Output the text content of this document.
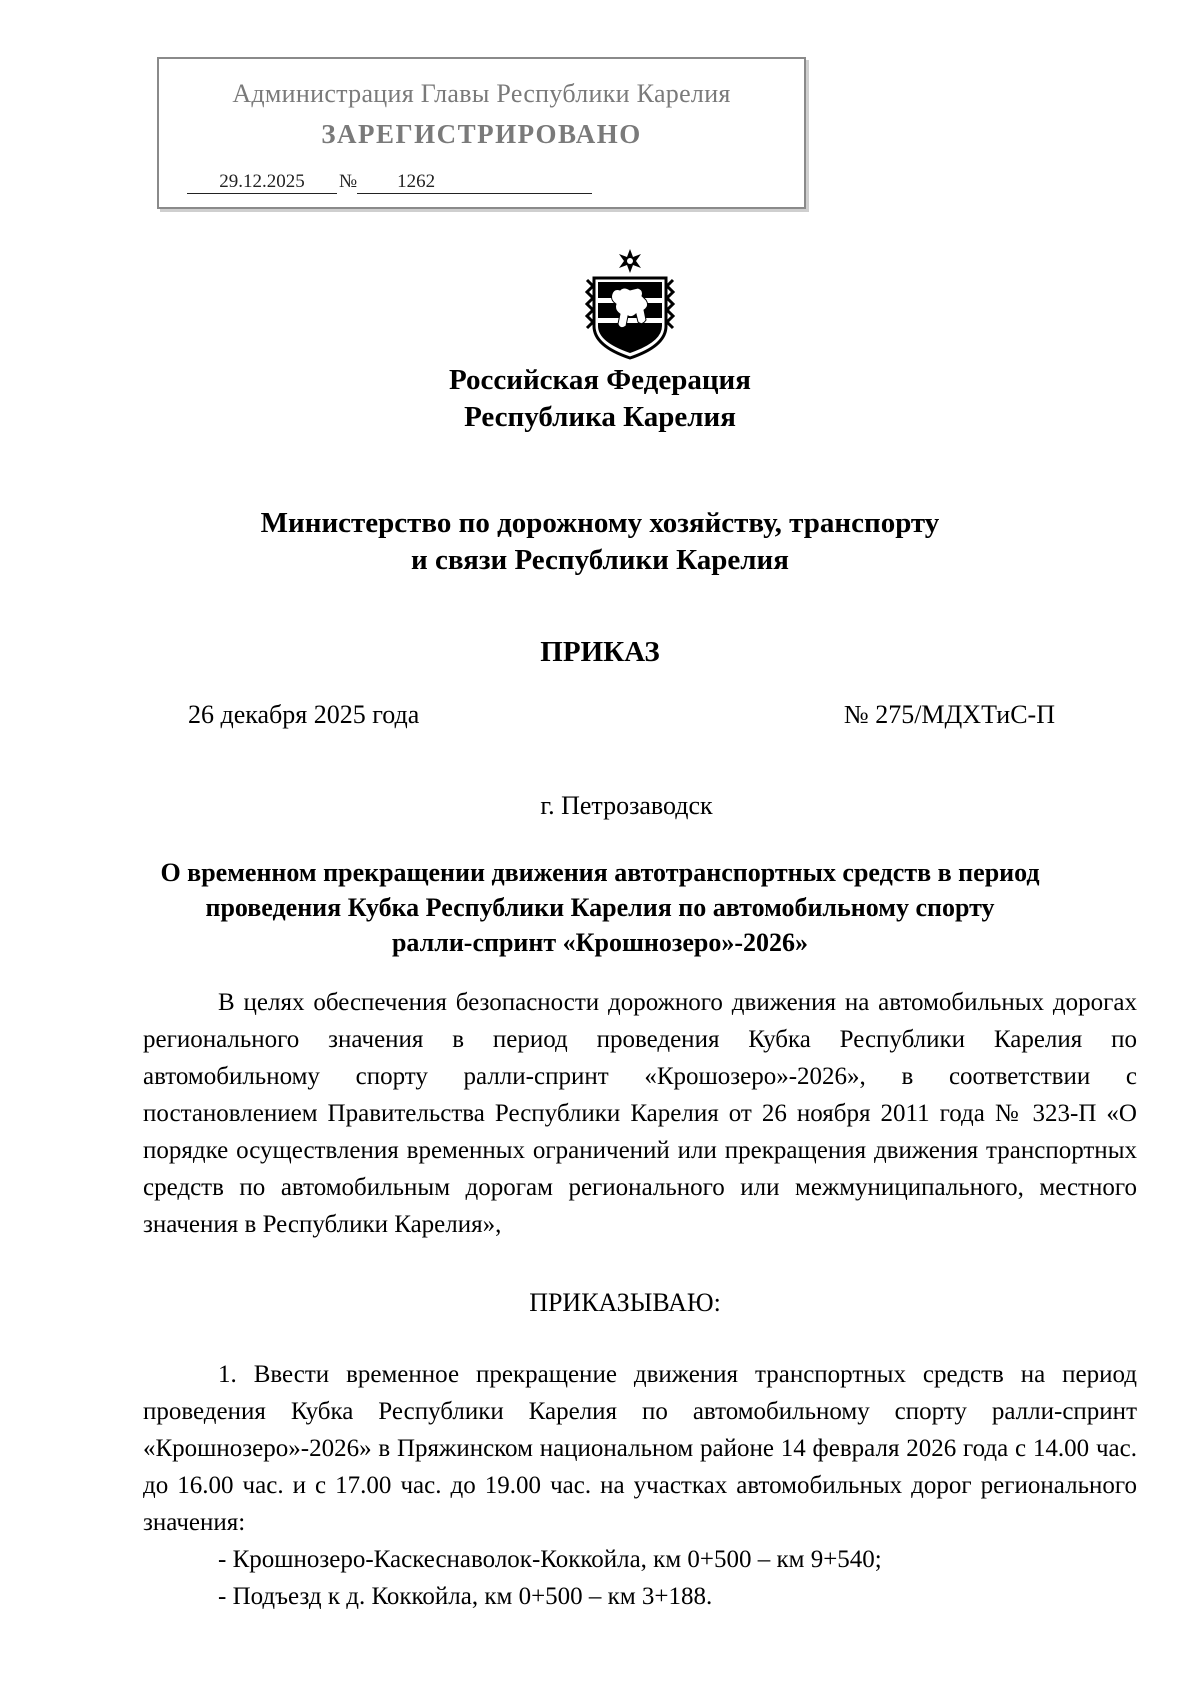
Администрация Главы Республики Карелия
ЗАРЕГИСТРИРОВАНО
29.12.2025 № 1262
Российская Федерация
Республика Карелия
Министерство по дорожному хозяйству, транспорту
и связи Республики Карелия
ПРИКАЗ
26 декабря 2025 года	№ 275/МДХТиС-П
г. Петрозаводск
О временном прекращении движения автотранспортных средств в период
проведения Кубка Республики Карелия по автомобильному спорту
ралли-спринт «Крошнозеро»-2026»
В целях обеспечения безопасности дорожного движения на автомобильных дорогах регионального значения в период проведения Кубка Республики Карелия по автомобильному спорту ралли-спринт «Крошозеро»-2026», в соответствии с постановлением Правительства Республики Карелия от 26 ноября 2011 года № 323-П «О порядке осуществления временных ограничений или прекращения движения транспортных средств по автомобильным дорогам регионального или межмуниципального, местного значения в Республики Карелия»,
ПРИКАЗЫВАЮ:
1. Ввести временное прекращение движения транспортных средств на период проведения Кубка Республики Карелия по автомобильному спорту ралли-спринт «Крошнозеро»-2026» в Пряжинском национальном районе 14 февраля 2026 года с 14.00 час. до 16.00 час. и с 17.00 час. до 19.00 час. на участках автомобильных дорог регионального значения:
- Крошнозеро-Каскеснаволок-Коккойла, км 0+500 – км 9+540;
- Подъезд к д. Коккойла, км 0+500 – км 3+188.
